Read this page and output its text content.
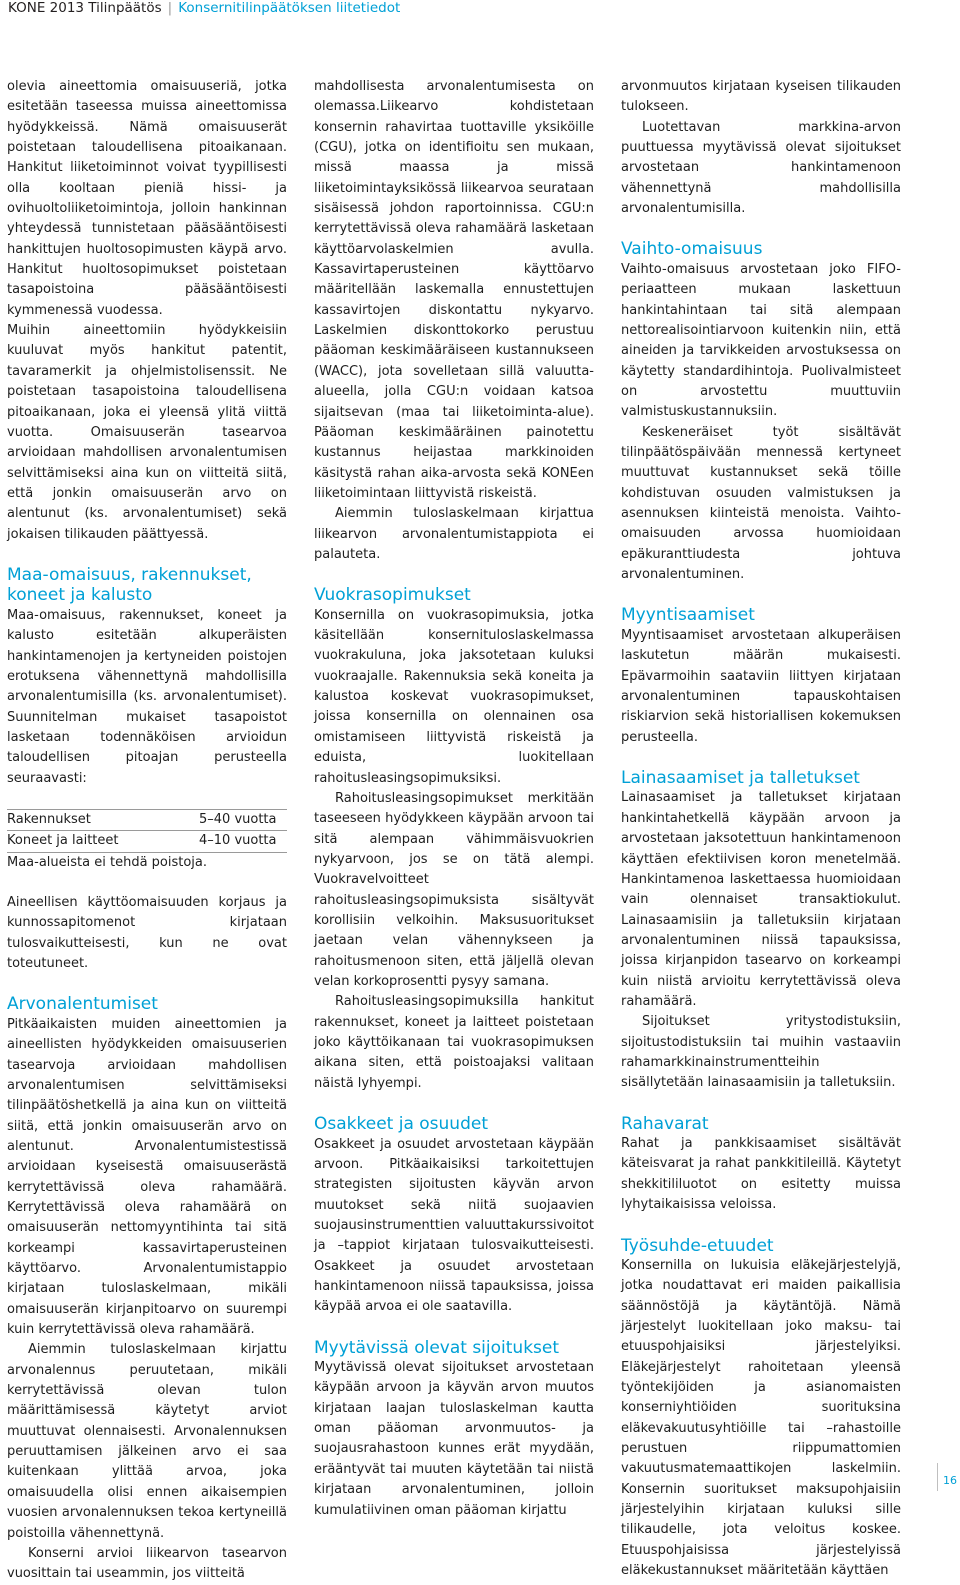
KONE 2013 Tilinpäätös | Konsernitilinpäätöksen liitetiedot

olevia aineettomia omaisuuseriä, jotka esitetään taseessa muissa aineettomissa hyödykkeissä. Nämä omaisuuserät poistetaan taloudellisena pitoaikanaan. Hankitut liiketoiminnot voivat tyypillisesti olla kooltaan pieniä hissi- ja ovihuoltoliiketoimintoja, jolloin hankinnan yhteydessä tunnistetaan pääsääntöisesti hankittujen huoltosopimusten käypä arvo. Hankitut huoltosopimukset poistetaan tasapoistoina pääsääntöisesti kymmenessä vuodessa.

Muihin aineettomiin hyödykkeisiin kuuluvat myös hankitut patentit, tavaramerkit ja ohjelmistolisenssit. Ne poistetaan tasapoistoina taloudellisena pitoaikanaan, joka ei yleensä ylitä viittä vuotta. Omaisuuserän tasearvoa arvioidaan mahdollisen arvonalentumisen selvittämiseksi aina kun on viitteitä siitä, että jonkin omaisuuserän arvo on alentunut (ks. arvonalentumiset) sekä jokaisen tilikauden päättyessä.

Maa-omaisuus, rakennukset, koneet ja kalusto

Maa-omaisuus, rakennukset, koneet ja kalusto esitetään alkuperäisten hankintamenojen ja kertyneiden poistojen erotuksena vähennettynä mahdollisilla arvonalentumisilla (ks. arvonalentumiset). Suunnitelman mukaiset tasapoistot lasketaan todennäköisen arvioidun taloudellisen pitoajan perusteella seuraavasti:

Rakennukset	5–40 vuotta
Koneet ja laitteet	4–10 vuotta

Maa-alueista ei tehdä poistoja.

Aineellisen käyttöomaisuuden korjaus ja kunnossapitomenot kirjataan tulosvaikutteisesti, kun ne ovat toteutuneet.

Arvonalentumiset

Pitkäaikaisten muiden aineettomien ja aineellisten hyödykkeiden omaisuuserien tasearvoja arvioidaan mahdollisen arvonalentumisen selvittämiseksi tilinpäätöshetkellä ja aina kun on viitteitä siitä, että jonkin omaisuuserän arvo on alentunut. Arvonalentumistestissä arvioidaan kyseisestä omaisuuserästä kerrytettävissä oleva rahamäärä. Kerrytettävissä oleva rahamäärä on omaisuuserän nettomyyntihinta tai sitä korkeampi kassavirtaperusteinen käyttöarvo. Arvonalentumistappio kirjataan tuloslaskelmaan, mikäli omaisuuserän kirjanpitoarvo on suurempi kuin kerrytettävissä oleva rahamäärä.

Aiemmin tuloslaskelmaan kirjattu arvonalennus peruutetaan, mikäli kerrytettävissä olevan tulon määrittämisessä käytetyt arviot muuttuvat olennaisesti. Arvonalennuksen peruuttamisen jälkeinen arvo ei saa kuitenkaan ylittää arvoa, joka omaisuudella olisi ennen aikaisempien vuosien arvonalennuksen tekoa kertyneillä poistoilla vähennettynä.

Konserni arvioi liikearvon tasearvon vuosittain tai useammin, jos viitteitä

mahdollisesta arvonalentumisesta on olemassa.Liikearvo kohdistetaan konsernin rahavirtaa tuottaville yksiköille (CGU), jotka on identifioitu sen mukaan, missä maassa ja missä liiketoimintayksikössä liikearvoa seurataan sisäisessä johdon raportoinnissa. CGU:n kerrytettävissä oleva rahamäärä lasketaan käyttöarvolaskelmien avulla. Kassavirtaperusteinen käyttöarvo määritellään laskemalla ennustettujen kassavirtojen diskontattu nykyarvo. Laskelmien diskonttokorko perustuu pääoman keskimääräiseen kustannukseen (WACC), jota sovelletaan sillä valuutta-alueella, jolla CGU:n voidaan katsoa sijaitsevan (maa tai liiketoiminta-alue). Pääoman keskimääräinen painotettu kustannus heijastaa markkinoiden käsitystä rahan aika-arvosta sekä KONEen liiketoimintaan liittyvistä riskeistä.

Aiemmin tuloslaskelmaan kirjattua liikearvon arvonalentumistappiota ei palauteta.

Vuokrasopimukset

Konsernilla on vuokrasopimuksia, jotka käsitellään konsernituloslaskelmassa vuokrakuluna, joka jaksotetaan kuluksi vuokraajalle. Rakennuksia sekä koneita ja kalustoa koskevat vuokrasopimukset, joissa konsernilla on olennainen osa omistamiseen liittyvistä riskeistä ja eduista, luokitellaan rahoitusleasingsopimuksiksi.

Rahoitusleasingsopimukset merkitään taseeseen hyödykkeen käypään arvoon tai sitä alempaan vähimmäisvuokrien nykyarvoon, jos se on tätä alempi. Vuokravelvoitteet rahoitusleasingsopimuksista sisältyvät korollisiin velkoihin. Maksusuoritukset jaetaan velan vähennykseen ja rahoitusmenoon siten, että jäljellä olevan velan korkoprosentti pysyy samana.

Rahoitusleasingsopimuksilla hankitut rakennukset, koneet ja laitteet poistetaan joko käyttöikanaan tai vuokrasopimuksen aikana siten, että poistoajaksi valitaan näistä lyhyempi.

Osakkeet ja osuudet

Osakkeet ja osuudet arvostetaan käypään arvoon. Pitkäaikaisiksi tarkoitettujen strategisten sijoitusten käyvän arvon muutokset sekä niitä suojaavien suojausinstrumenttien valuuttakurssivoitot ja –tappiot kirjataan tulosvaikutteisesti. Osakkeet ja osuudet arvostetaan hankintamenoon niissä tapauksissa, joissa käypää arvoa ei ole saatavilla.

Myytävissä olevat sijoitukset

Myytävissä olevat sijoitukset arvostetaan käypään arvoon ja käyvän arvon muutos kirjataan laajan tuloslaskelman kautta oman pääoman arvonmuutos- ja suojausrahastoon kunnes erät myydään, erääntyvät tai muuten käytetään tai niistä kirjataan arvonalentuminen, jolloin kumulatiivinen oman pääoman kirjattu

arvonmuutos kirjataan kyseisen tilikauden tulokseen.

Luotettavan markkina-arvon puuttuessa myytävissä olevat sijoitukset arvostetaan hankintamenoon vähennettynä mahdollisilla arvonalentumisilla.

Vaihto-omaisuus

Vaihto-omaisuus arvostetaan joko FIFO-periaatteen mukaan laskettuun hankintahintaan tai sitä alempaan nettorealisointiarvoon kuitenkin niin, että aineiden ja tarvikkeiden arvostuksessa on käytetty standardihintoja. Puolivalmisteet on arvostettu muuttuviin valmistuskustannuksiin.

Keskeneräiset työt sisältävät tilinpäätöspäivään mennessä kertyneet muuttuvat kustannukset sekä töille kohdistuvan osuuden valmistuksen ja asennuksen kiinteistä menoista. Vaihto-omaisuuden arvossa huomioidaan epäkuranttiudesta johtuva arvonalentuminen.

Myyntisaamiset

Myyntisaamiset arvostetaan alkuperäisen laskutetun määrän mukaisesti. Epävarmoihin saataviin liittyen kirjataan arvonalentuminen tapauskohtaisen riskiarvion sekä historiallisen kokemuksen perusteella.

Lainasaamiset ja talletukset

Lainasaamiset ja talletukset kirjataan hankintahetkellä käypään arvoon ja arvostetaan jaksotettuun hankintamenoon käyttäen efektiivisen koron menetelmää. Hankintamenoa laskettaessa huomioidaan vain olennaiset transaktiokulut. Lainasaamisiin ja talletuksiin kirjataan arvonalentuminen niissä tapauksissa, joissa kirjanpidon tasearvo on korkeampi kuin niistä arvioitu kerrytettävissä oleva rahamäärä.

Sijoitukset yritystodistuksiin, sijoitustodistuksiin tai muihin vastaaviin rahamarkkinainstrumentteihin sisällytetään lainasaamisiin ja talletuksiin.

Rahavarat

Rahat ja pankkisaamiset sisältävät käteisvarat ja rahat pankkitileillä. Käytetyt shekkitililuotot on esitetty muissa lyhytaikaisissa veloissa.

Työsuhde-etuudet

Konsernilla on lukuisia eläkejärjestelyjä, jotka noudattavat eri maiden paikallisia säännöstöjä ja käytäntöjä. Nämä järjestelyt luokitellaan joko maksu- tai etuuspohjaisiksi järjestelyiksi. Eläkejärjestelyt rahoitetaan yleensä työntekijöiden ja asianomaisten konserniyhtiöiden suorituksina eläkevakuutusyhtiöille tai –rahastoille perustuen riippumattomien vakuutusmatemaattikojen laskelmiin. Konsernin suoritukset maksupohjaisiin järjestelyihin kirjataan kuluksi sille tilikaudelle, jota veloitus koskee. Etuuspohjaisissa järjestelyissä eläkekustannukset määritetään käyttäen

16
